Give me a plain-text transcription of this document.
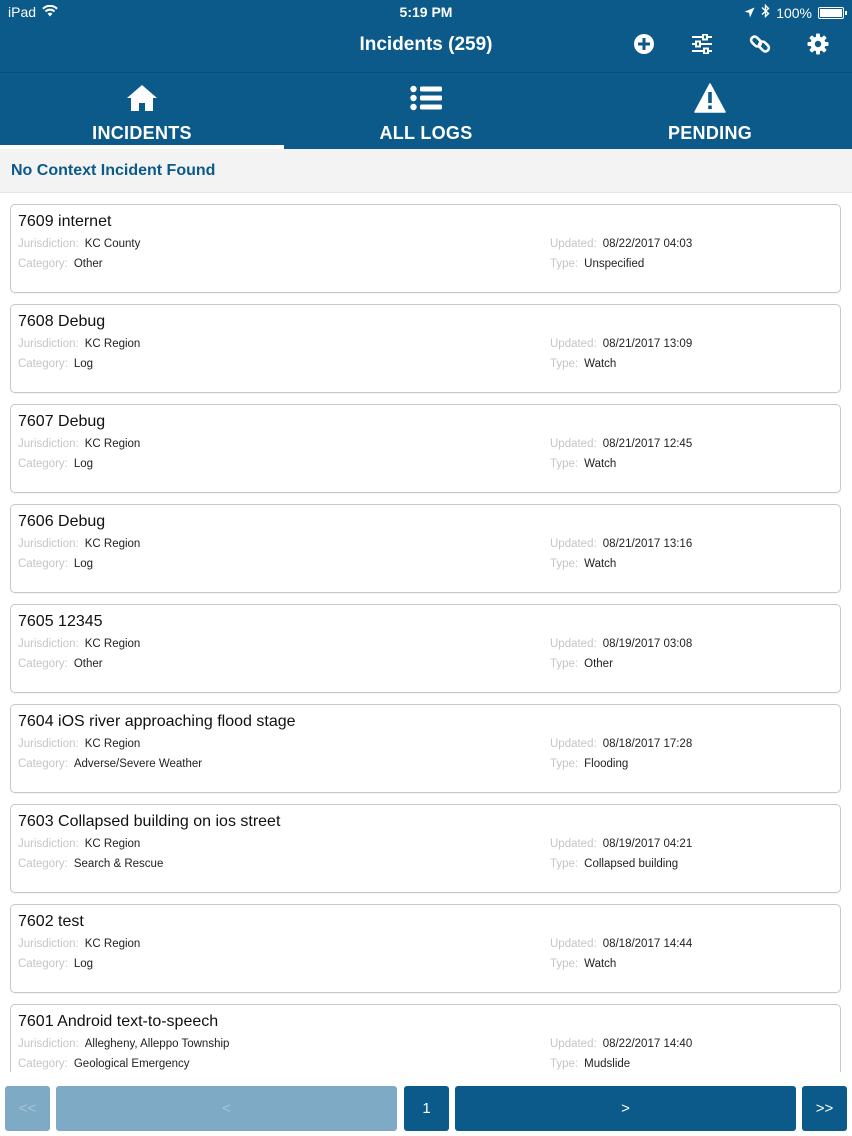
iPad	5:19 PM	100%
Incidents (259)
INCIDENTS	ALL LOGS	PENDING
No Context Incident Found
7609 internet
Jurisdiction: KC County
Category: Other
Updated: 08/22/2017 04:03
Type: Unspecified
7608 Debug
Jurisdiction: KC Region
Category: Log
Updated: 08/21/2017 13:09
Type: Watch
7607 Debug
Jurisdiction: KC Region
Category: Log
Updated: 08/21/2017 12:45
Type: Watch
7606 Debug
Jurisdiction: KC Region
Category: Log
Updated: 08/21/2017 13:16
Type: Watch
7605 12345
Jurisdiction: KC Region
Category: Other
Updated: 08/19/2017 03:08
Type: Other
7604 iOS river approaching flood stage
Jurisdiction: KC Region
Category: Adverse/Severe Weather
Updated: 08/18/2017 17:28
Type: Flooding
7603 Collapsed building on ios street
Jurisdiction: KC Region
Category: Search & Rescue
Updated: 08/19/2017 04:21
Type: Collapsed building
7602 test
Jurisdiction: KC Region
Category: Log
Updated: 08/18/2017 14:44
Type: Watch
7601 Android text-to-speech
Jurisdiction: Allegheny, Alleppo Township
Category: Geological Emergency
Updated: 08/22/2017 14:40
Type: Mudslide
<<	<	1	>	>>
